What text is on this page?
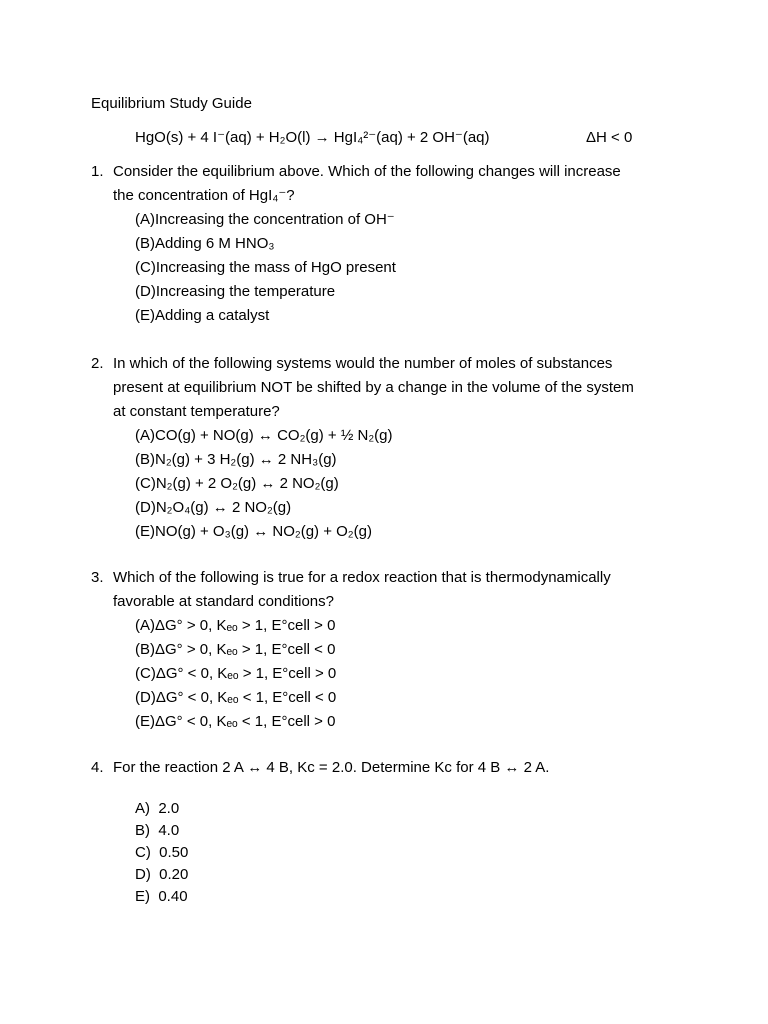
Equilibrium Study Guide
HgO(s) + 4 I⁻(aq) + H₂O(l) → HgI₄²⁻(aq) + 2 OH⁻(aq)	ΔH < 0
1. Consider the equilibrium above. Which of the following changes will increase
the concentration of HgI₄⁻?
(A)Increasing the concentration of OH⁻
(B)Adding 6 M HNO₃
(C)Increasing the mass of HgO present
(D)Increasing the temperature
(E)Adding a catalyst
2. In which of the following systems would the number of moles of substances
present at equilibrium NOT be shifted by a change in the volume of the system
at constant temperature?
(A)CO(g) + NO(g) ↔ CO₂(g) + ½ N₂(g)
(B)N₂(g) + 3 H₂(g) ↔ 2 NH₃(g)
(C)N₂(g) + 2 O₂(g) ↔ 2 NO₂(g)
(D)N₂O₄(g) ↔ 2 NO₂(g)
(E)NO(g) + O₃(g) ↔ NO₂(g) + O₂(g)
3. Which of the following is true for a redox reaction that is thermodynamically
favorable at standard conditions?
(A)ΔG° > 0, Kₑₒ > 1, E°cell > 0
(B)ΔG° > 0, Kₑₒ > 1, E°cell < 0
(C)ΔG° < 0, Kₑₒ > 1, E°cell > 0
(D)ΔG° < 0, Kₑₒ < 1, E°cell < 0
(E)ΔG° < 0, Kₑₒ < 1, E°cell > 0
4. For the reaction 2 A ↔ 4 B, Kc = 2.0. Determine Kc for 4 B ↔ 2 A.
A) 2.0
B) 4.0
C) 0.50
D) 0.20
E) 0.40
